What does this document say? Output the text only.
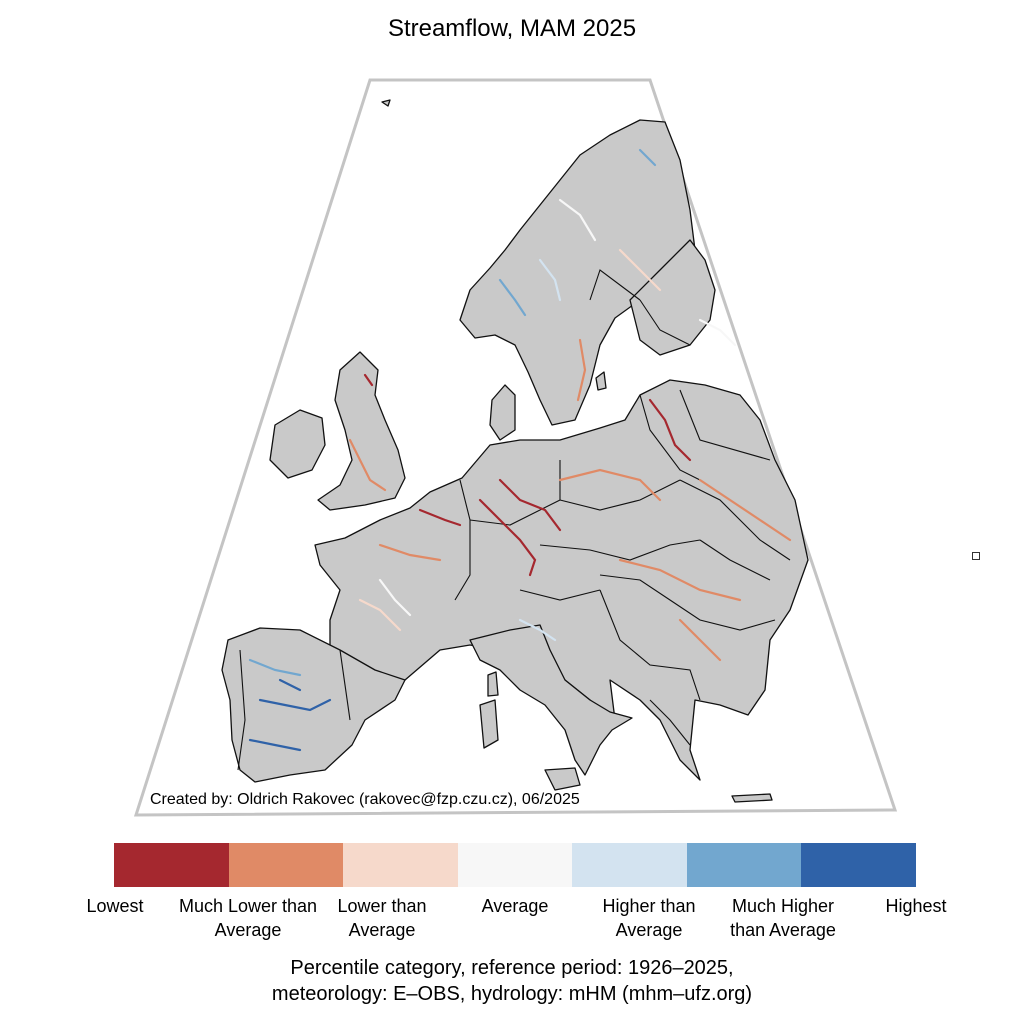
Streamflow, MAM 2025
Created by: Oldrich Rakovec (rakovec@fzp.czu.cz), 06/2025
Lowest	Much Lower than Average
Lower than Average
Average	Higher than Average
Much Higher than Average
Highest
Percentile category, reference period: 1926–2025,
meteorology: E–OBS, hydrology: mHM (mhm–ufz.org)
